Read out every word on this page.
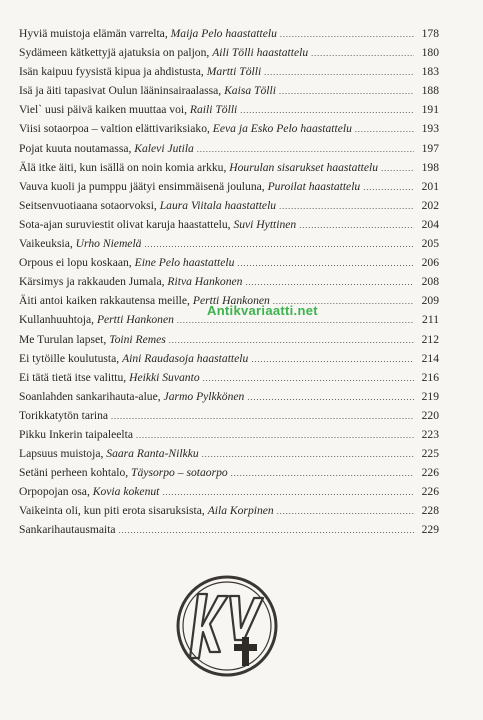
Hyviä muistoja elämän varrelta, Maija Pelo haastattelu .....	178
Sydämeen kätkettyjä ajatuksia on paljon, Aili Tölli haastattelu .....	180
Isän kaipuu fyysistä kipua ja ahdistusta, Martti Tölli .....	183
Isä ja äiti tapasivat Oulun lääninsairaalassa, Kaisa Tölli .....	188
Viel` uusi päivä kaiken muuttaa voi, Raili Tölli .....	191
Viisi sotaorpoa – valtion elättivariksiako, Eeva ja Esko Pelo haastattelu .....	193
Pojat kuuta noutamassa, Kalevi Jutila .....	197
Älä itke äiti, kun isällä on noin komia arkku, Hourulan sisarukset haastattelu .....	198
Vauva kuoli ja pumppu jäätyi ensimmäisenä jouluna, Puroilat haastattelu .....	201
Seitsenvuotiaana sotaorvoksi, Laura Viitala haastattelu .....	202
Sota-ajan suruviestit olivat karuja haastattelu, Suvi Hyttinen .....	204
Vaikeuksia, Urho Niemelä .....	205
Orpous ei lopu koskaan, Eine Pelo haastattelu .....	206
Kärsimys ja rakkauden Jumala, Ritva Hankonen .....	208
Äiti antoi kaiken rakkautensa meille, Pertti Hankonen .....	209
Kullanhuuhtoja, Pertti Hankonen .....	211
Me Turulan lapset, Toini Remes .....	212
Ei tytöille koulutusta, Aini Raudasoja haastattelu .....	214
Ei tätä tietä itse valittu, Heikki Suvanto .....	216
Soanlahden sankarihauta-alue, Jarmo Pylkkönen .....	219
Torikkatytön tarina .....	220
Pikku Inkerin taipaleelta .....	223
Lapsuus muistoja, Saara Ranta-Nilkku .....	225
Setäni perheen kohtalo, Täysorpo – sotaorpo .....	226
Orpopojan osa, Kovia kokenut .....	226
Vaikeinta oli, kun piti erota sisaruksista, Aila Korpinen .....	228
Sankarihautausmaita .....	229
Antikvariaatti.net
